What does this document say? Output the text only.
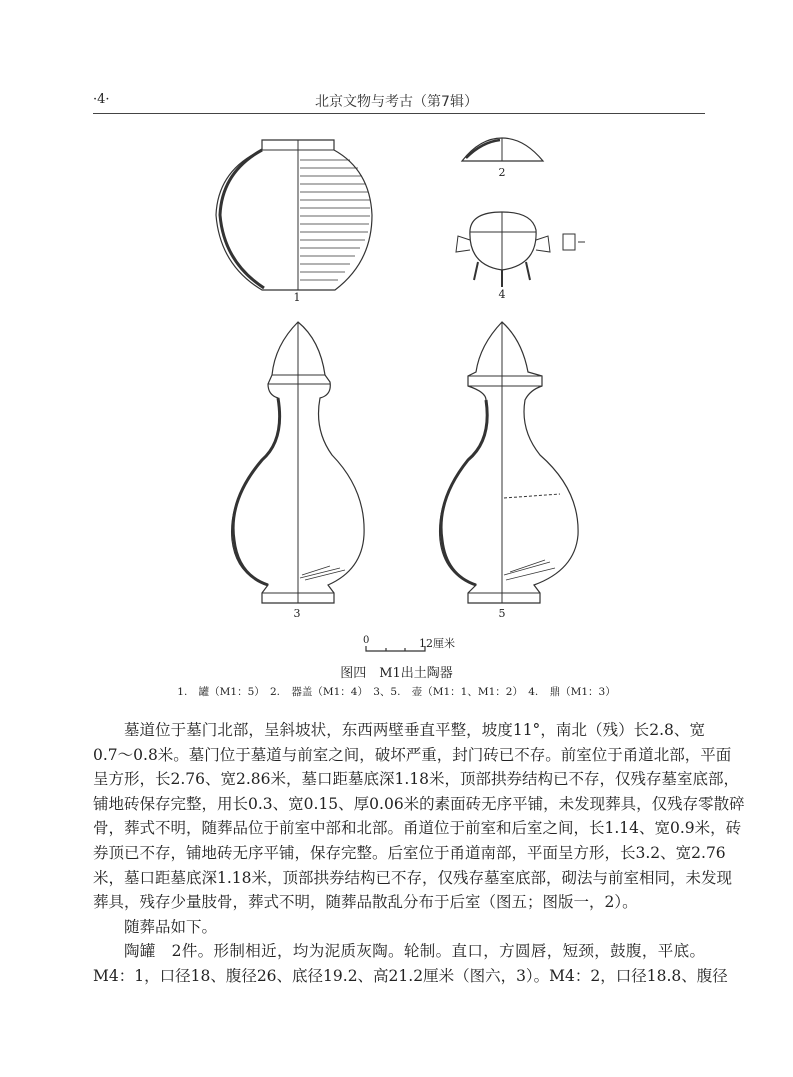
·4·	北京文物与考古（第7辑）
1
2
3
4
5
0	12厘米
图四　M1出土陶器
1. 罐（M1：5）　2. 器盖（M1：4）　3、5. 壶（M1：1、M1：2）　4. 鼎（M1：3）
墓道位于墓门北部，呈斜坡状，东西两壁垂直平整，坡度11°，南北（残）长2.8、宽
0.7～0.8米。墓门位于墓道与前室之间，破坏严重，封门砖已不存。前室位于甬道北部，平面
呈方形，长2.76、宽2.86米，墓口距墓底深1.18米，顶部拱券结构已不存，仅残存墓室底部，
铺地砖保存完整，用长0.3、宽0.15、厚0.06米的素面砖无序平铺，未发现葬具，仅残存零散碎
骨，葬式不明，随葬品位于前室中部和北部。甬道位于前室和后室之间，长1.14、宽0.9米，砖
券顶已不存，铺地砖无序平铺，保存完整。后室位于甬道南部，平面呈方形，长3.2、宽2.76
米，墓口距墓底深1.18米，顶部拱券结构已不存，仅残存墓室底部，砌法与前室相同，未发现
葬具，残存少量肢骨，葬式不明，随葬品散乱分布于后室（图五；图版一，2）。
随葬品如下。
陶罐　2件。形制相近，均为泥质灰陶。轮制。直口，方圆唇，短颈，鼓腹，平底。
M4：1，口径18、腹径26、底径19.2、高21.2厘米（图六，3）。M4：2，口径18.8、腹径
